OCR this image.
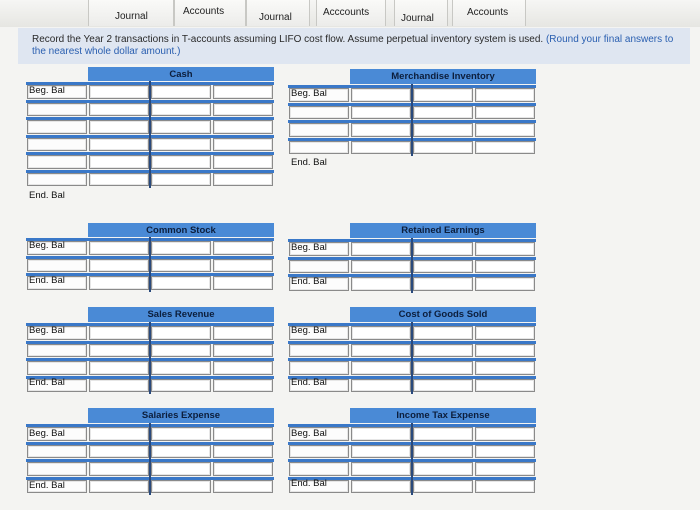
Journal	Accounts
Journal	Acccounts
Journal
Accounts
Record the Year 2 transactions in T-accounts assuming LIFO cost flow. Assume perpetual inventory system is used. (Round your final answers to the nearest whole dollar amount.)
Cash
Beg. Bal
End. Bal
Merchandise Inventory
Beg. Bal
End. Bal
Common Stock
Beg. Bal
End. Bal
Retained Earnings
Beg. Bal
End. Bal
Sales Revenue
Beg. Bal
End. Bal
Cost of Goods Sold
Beg. Bal
End. Bal
Salaries Expense
Beg. Bal
End. Bal
Income Tax Expense
Beg. Bal
End. Bal
